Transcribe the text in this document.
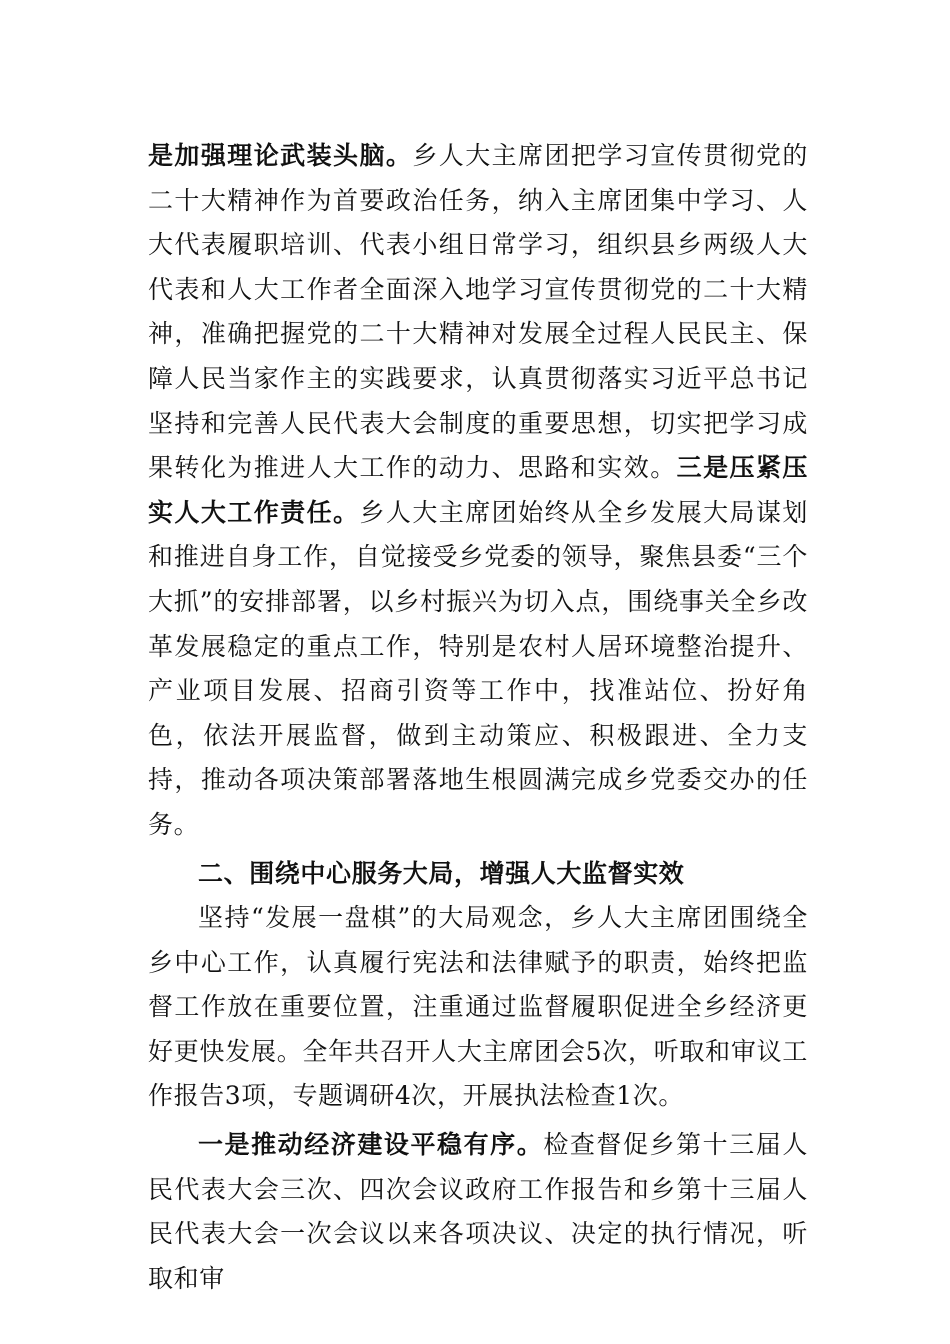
是加强理论武装头脑。乡人大主席团把学习宣传贯彻党的二十大精神作为首要政治任务，纳入主席团集中学习、人大代表履职培训、代表小组日常学习，组织县乡两级人大代表和人大工作者全面深入地学习宣传贯彻党的二十大精神，准确把握党的二十大精神对发展全过程人民民主、保障人民当家作主的实践要求，认真贯彻落实习近平总书记坚持和完善人民代表大会制度的重要思想，切实把学习成果转化为推进人大工作的动力、思路和实效。三是压紧压实人大工作责任。乡人大主席团始终从全乡发展大局谋划和推进自身工作，自觉接受乡党委的领导，聚焦县委“三个大抓”的安排部署，以乡村振兴为切入点，围绕事关全乡改革发展稳定的重点工作，特别是农村人居环境整治提升、产业项目发展、招商引资等工作中，找准站位、扮好角色，依法开展监督，做到主动策应、积极跟进、全力支持，推动各项决策部署落地生根圆满完成乡党委交办的任务。

二、围绕中心服务大局，增强人大监督实效

坚持“发展一盘棋”的大局观念，乡人大主席团围绕全乡中心工作，认真履行宪法和法律赋予的职责，始终把监督工作放在重要位置，注重通过监督履职促进全乡经济更好更快发展。全年共召开人大主席团会5次，听取和审议工作报告3项，专题调研4次，开展执法检查1次。

一是推动经济建设平稳有序。检查督促乡第十三届人民代表大会三次、四次会议政府工作报告和乡第十三届人民代表大会一次会议以来各项决议、决定的执行情况，听取和审
